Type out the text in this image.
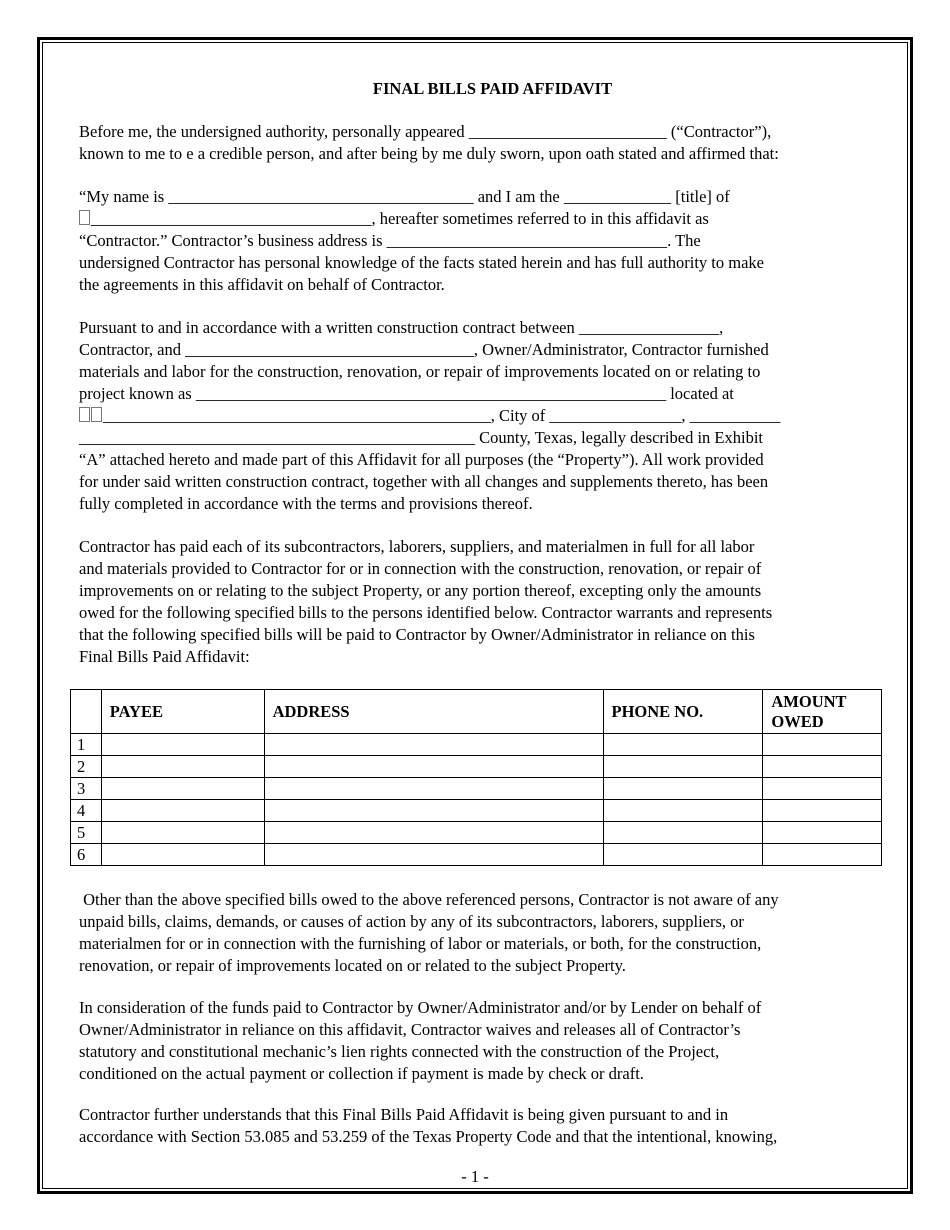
FINAL BILLS PAID AFFIDAVIT
Before me, the undersigned authority, personally appeared ________________________ (“Contractor”),
known to me to e a credible person, and after being by me duly sworn, upon oath stated and affirmed that:
“My name is _____________________________________ and I am the _____________ [title] of
__________________________________, hereafter sometimes referred to in this affidavit as
“Contractor.” Contractor’s business address is __________________________________. The
undersigned Contractor has personal knowledge of the facts stated herein and has full authority to make
the agreements in this affidavit on behalf of Contractor.
Pursuant to and in accordance with a written construction contract between _________________,
Contractor, and ___________________________________, Owner/Administrator, Contractor furnished
materials and labor for the construction, renovation, or repair of improvements located on or relating to
project known as _________________________________________________________ located at
_______________________________________________, City of ________________, ___________
________________________________________________ County, Texas, legally described in Exhibit
“A” attached hereto and made part of this Affidavit for all purposes (the “Property”). All work provided
for under said written construction contract, together with all changes and supplements thereto, has been
fully completed in accordance with the terms and provisions thereof.
Contractor has paid each of its subcontractors, laborers, suppliers, and materialmen in full for all labor
and materials provided to Contractor for or in connection with the construction, renovation, or repair of
improvements on or relating to the subject Property, or any portion thereof, excepting only the amounts
owed for the following specified bills to the persons identified below. Contractor warrants and represents
that the following specified bills will be paid to Contractor by Owner/Administrator in reliance on this
Final Bills Paid Affidavit:
	PAYEE	ADDRESS	PHONE NO.	AMOUNT
OWED
1				
2				
3				
4				
5				
6				
Other than the above specified bills owed to the above referenced persons, Contractor is not aware of any
unpaid bills, claims, demands, or causes of action by any of its subcontractors, laborers, suppliers, or
materialmen for or in connection with the furnishing of labor or materials, or both, for the construction,
renovation, or repair of improvements located on or related to the subject Property.
In consideration of the funds paid to Contractor by Owner/Administrator and/or by Lender on behalf of
Owner/Administrator in reliance on this affidavit, Contractor waives and releases all of Contractor’s
statutory and constitutional mechanic’s lien rights connected with the construction of the Project,
conditioned on the actual payment or collection if payment is made by check or draft.
Contractor further understands that this Final Bills Paid Affidavit is being given pursuant to and in
accordance with Section 53.085 and 53.259 of the Texas Property Code and that the intentional, knowing,
- 1 -
